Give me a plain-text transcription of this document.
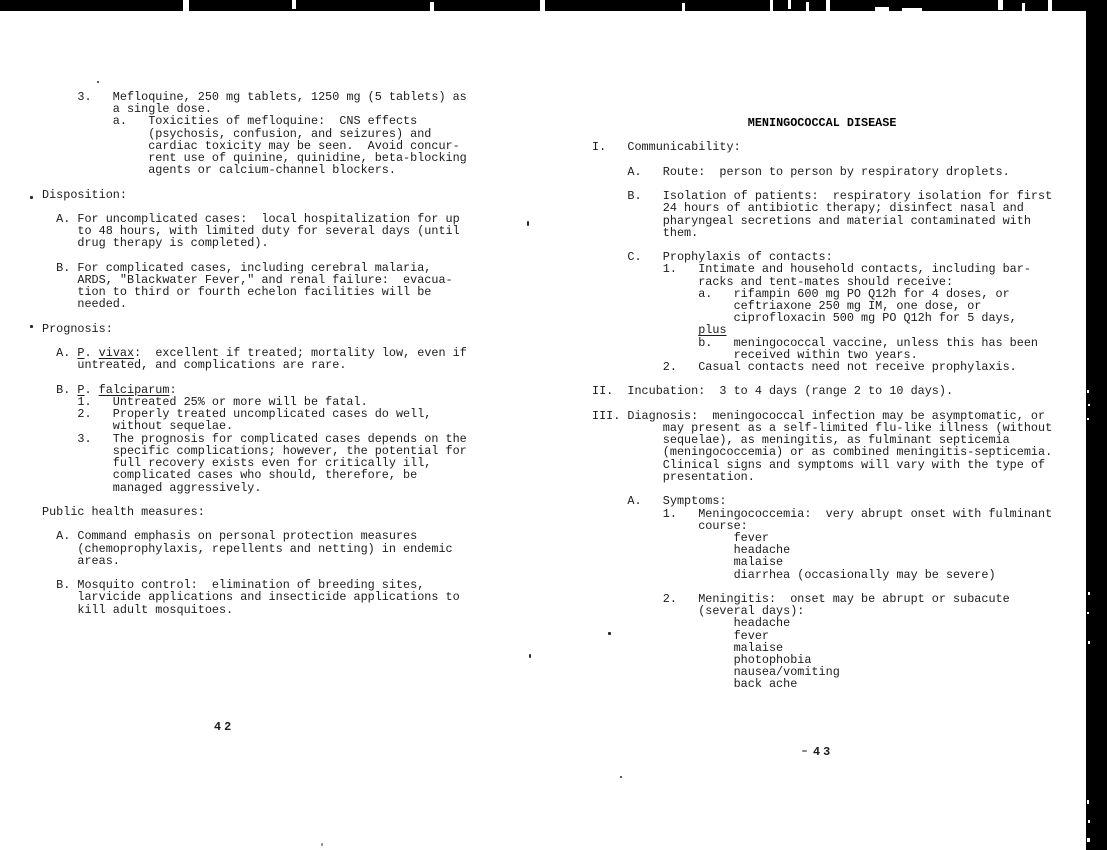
3.   Mefloquine, 250 mg tablets, 1250 mg (5 tablets) as
a single dose.
a.   Toxicities of mefloquine:  CNS effects
(psychosis, confusion, and seizures) and
cardiac toxicity may be seen.  Avoid concur-
rent use of quinine, quinidine, beta-blocking
agents or calcium-channel blockers.

Disposition:

A. For uncomplicated cases:  local hospitalization for up
to 48 hours, with limited duty for several days (until
drug therapy is completed).

B. For complicated cases, including cerebral malaria,
ARDS, "Blackwater Fever," and renal failure:  evacua-
tion to third or fourth echelon facilities will be
needed.

Prognosis:

A. P. vivax:  excellent if treated; mortality low, even if
untreated, and complications are rare.

B. P. falciparum:
1.   Untreated 25% or more will be fatal.
2.   Properly treated uncomplicated cases do well,
without sequelae.
3.   The prognosis for complicated cases depends on the
specific complications; however, the potential for
full recovery exists even for critically ill,
complicated cases who should, therefore, be
managed aggressively.

Public health measures:

A. Command emphasis on personal protection measures
(chemoprophylaxis, repellents and netting) in endemic
areas.

B. Mosquito control:  elimination of breeding sites,
larvicide applications and insecticide applications to
kill adult mosquitoes.
42
MENINGOCOCCAL DISEASE

I.   Communicability:

A.   Route:  person to person by respiratory droplets.

B.   Isolation of patients:  respiratory isolation for first
24 hours of antibiotic therapy; disinfect nasal and
pharyngeal secretions and material contaminated with
them.

C.   Prophylaxis of contacts:
1.   Intimate and household contacts, including bar-
racks and tent-mates should receive:
a.   rifampin 600 mg PO Q12h for 4 doses, or
ceftriaxone 250 mg IM, one dose, or
ciprofloxacin 500 mg PO Q12h for 5 days,
plus
b.   meningococcal vaccine, unless this has been
received within two years.
2.   Casual contacts need not receive prophylaxis.

II.  Incubation:  3 to 4 days (range 2 to 10 days).

III. Diagnosis:  meningococcal infection may be asymptomatic, or
may present as a self-limited flu-like illness (without
sequelae), as meningitis, as fulminant septicemia
(meningococcemia) or as combined meningitis-septicemia.
Clinical signs and symptoms will vary with the type of
presentation.

A.   Symptoms:
1.   Meningococcemia:  very abrupt onset with fulminant
course:
fever
headache
malaise
diarrhea (occasionally may be severe)

2.   Meningitis:  onset may be abrupt or subacute
(several days):
headache
fever
malaise
photophobia
nausea/vomiting
back ache
43
